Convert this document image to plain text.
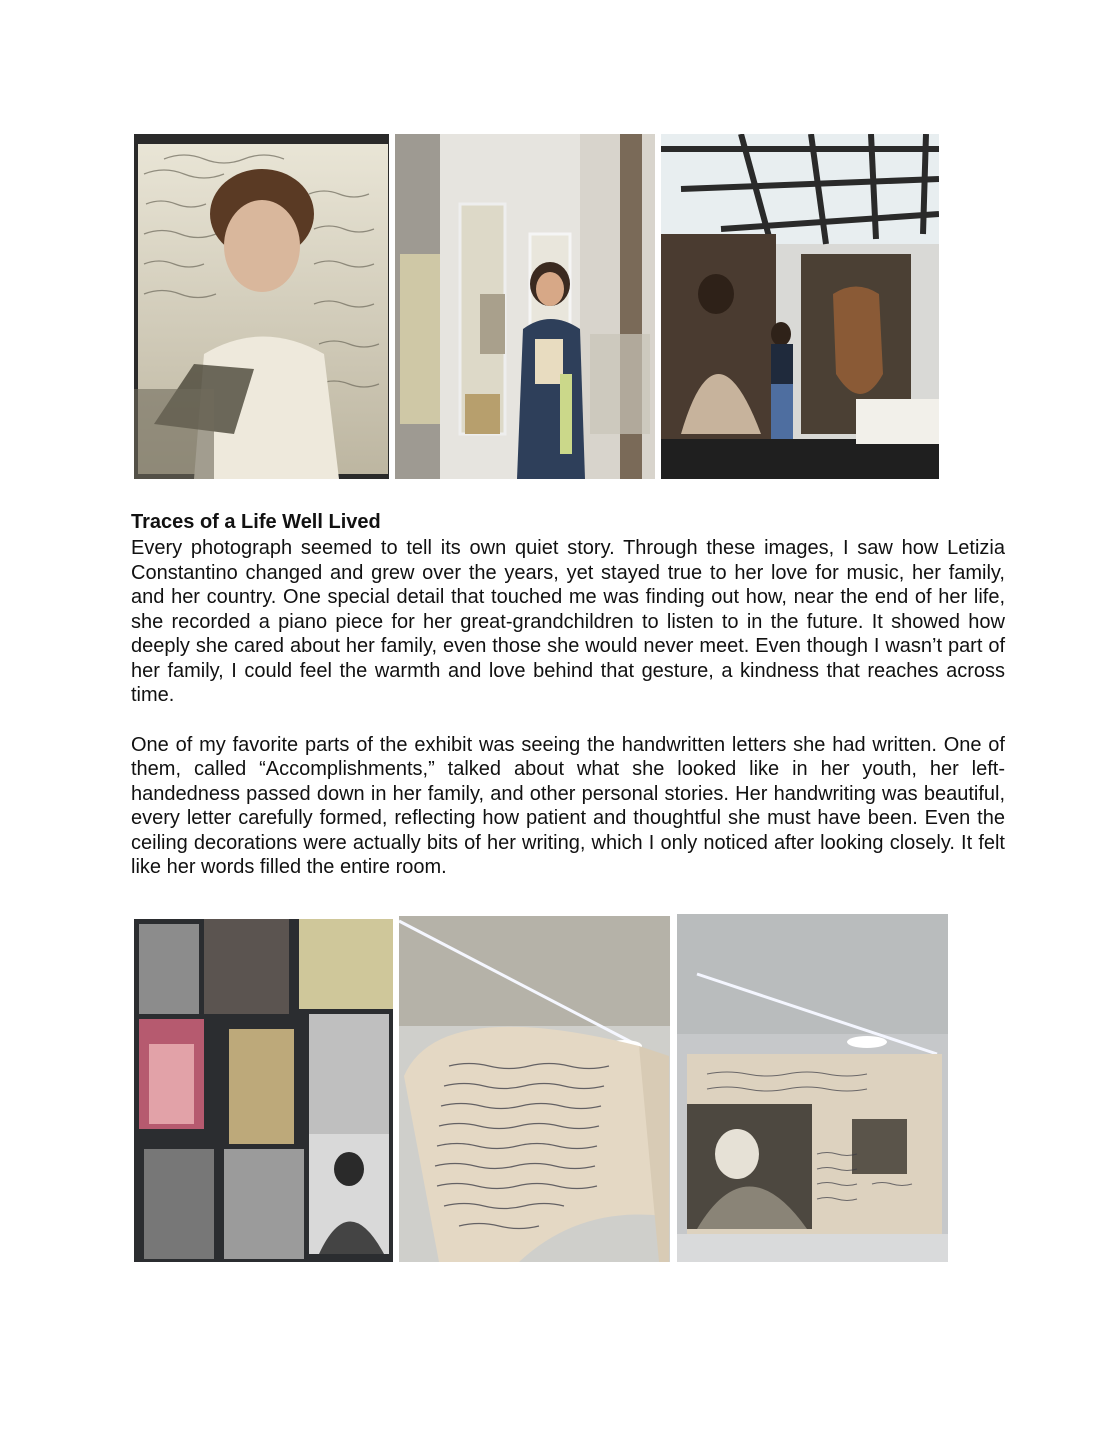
Traces of a Life Well Lived

Every photograph seemed to tell its own quiet story. Through these images, I saw how Letizia Constantino changed and grew over the years, yet stayed true to her love for music, her family, and her country. One special detail that touched me was finding out how, near the end of her life, she recorded a piano piece for her great-grandchildren to listen to in the future. It showed how deeply she cared about her family, even those she would never meet. Even though I wasn’t part of her family, I could feel the warmth and love behind that gesture, a kindness that reaches across time.

One of my favorite parts of the exhibit was seeing the handwritten letters she had written. One of them, called “Accomplishments,” talked about what she looked like in her youth, her left-handedness passed down in her family, and other personal stories. Her handwriting was beautiful, every letter carefully formed, reflecting how patient and thoughtful she must have been. Even the ceiling decorations were actually bits of her writing, which I only noticed after looking closely. It felt like her words filled the entire room.
